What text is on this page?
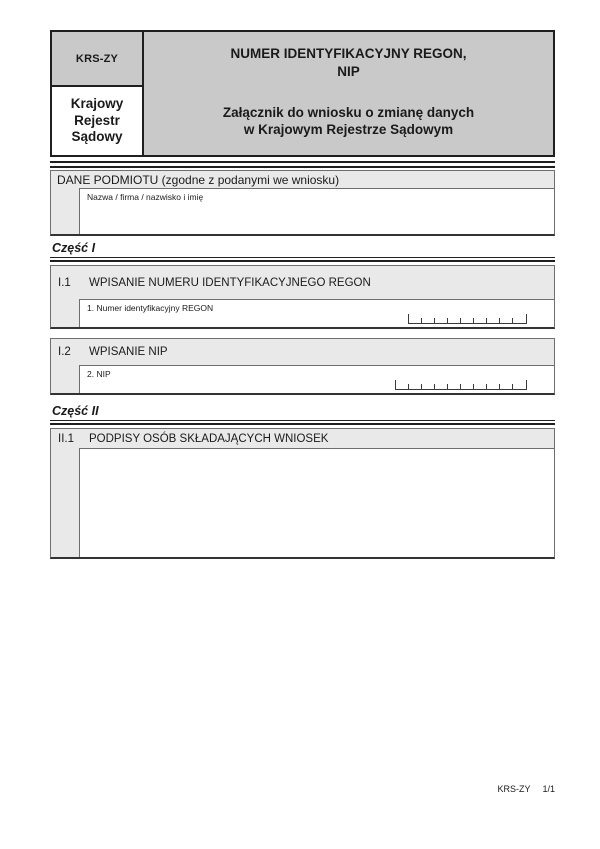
KRS-ZY
Krajowy
Rejestr
Sądowy
NUMER IDENTYFIKACYJNY REGON,
NIP
Załącznik do wniosku o zmianę danych
w Krajowym Rejestrze Sądowym
DANE PODMIOTU (zgodne z podanymi we wniosku)
Nazwa / firma / nazwisko i imię
Część I
I.1	WPISANIE NUMERU IDENTYFIKACYJNEGO REGON
1. Numer identyfikacyjny REGON
I.2	WPISANIE NIP
2. NIP
Część II
II.1	PODPISY OSÓB SKŁADAJĄCYCH WNIOSEK
KRS-ZY 1/1
